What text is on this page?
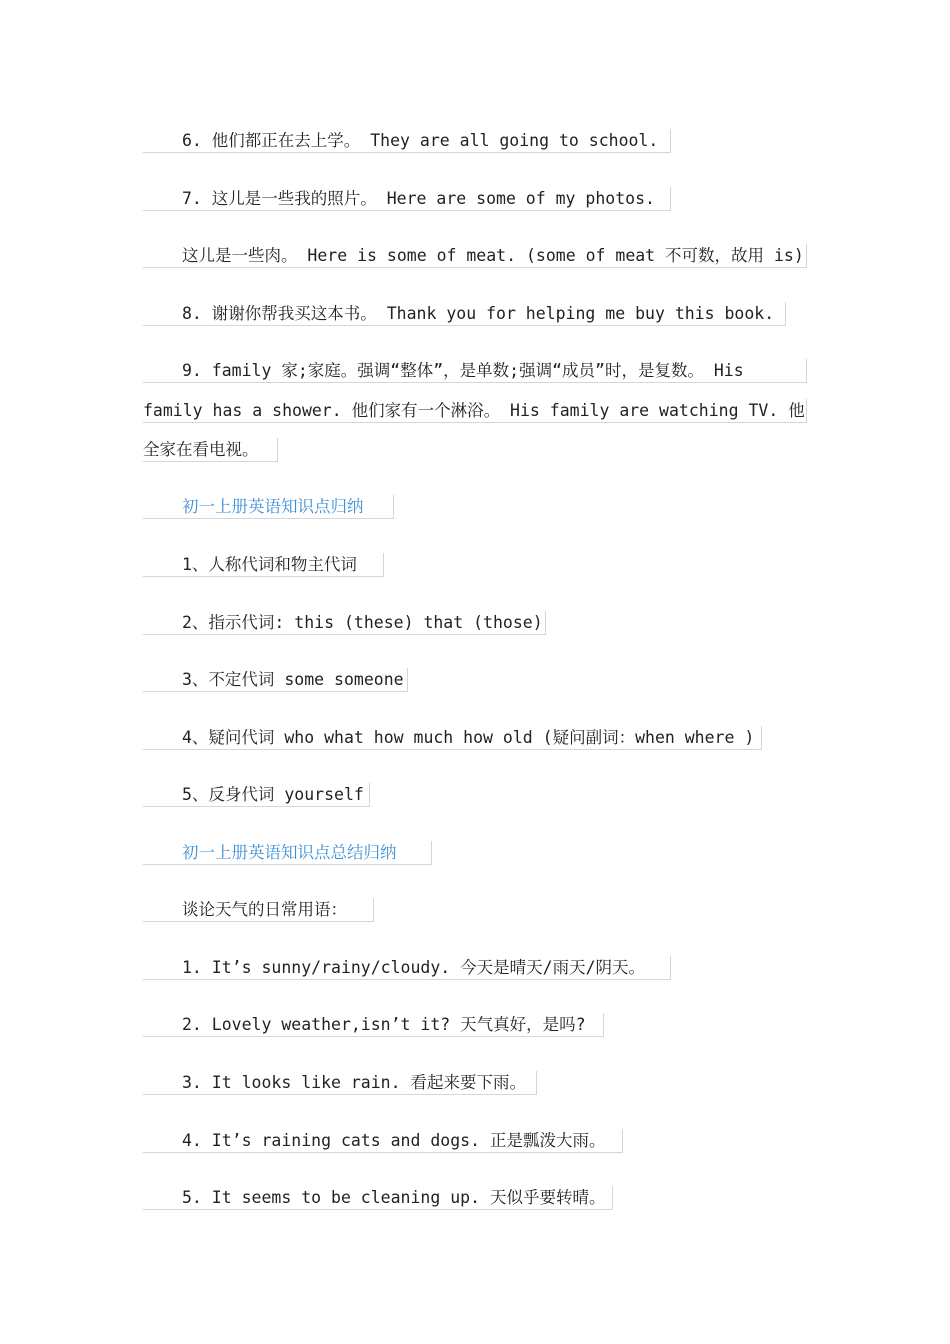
6. 他们都正在去上学。 They are all going to school.
7. 这儿是一些我的照片。 Here are some of my photos.
这儿是一些肉。 Here is some of meat. (some of meat 不可数，故用 is)
8. 谢谢你帮我买这本书。 Thank you for helping me buy this book.
9. family 家;家庭。强调“整体”，是单数;强调“成员”时，是复数。 His
family has a shower. 他们家有一个淋浴。 His family are watching TV. 他
全家在看电视。
初一上册英语知识点归纳
1、人称代词和物主代词
2、指示代词: this (these) that (those)
3、不定代词 some someone
4、疑问代词 who what how much how old (疑问副词：when where )
5、反身代词 yourself
初一上册英语知识点总结归纳
谈论天气的日常用语：
1. It’s sunny/rainy/cloudy. 今天是晴天/雨天/阴天。
2. Lovely weather,isn’t it? 天气真好，是吗?
3. It looks like rain. 看起来要下雨。
4. It’s raining cats and dogs. 正是瓢泼大雨。
5. It seems to be cleaning up. 天似乎要转晴。
